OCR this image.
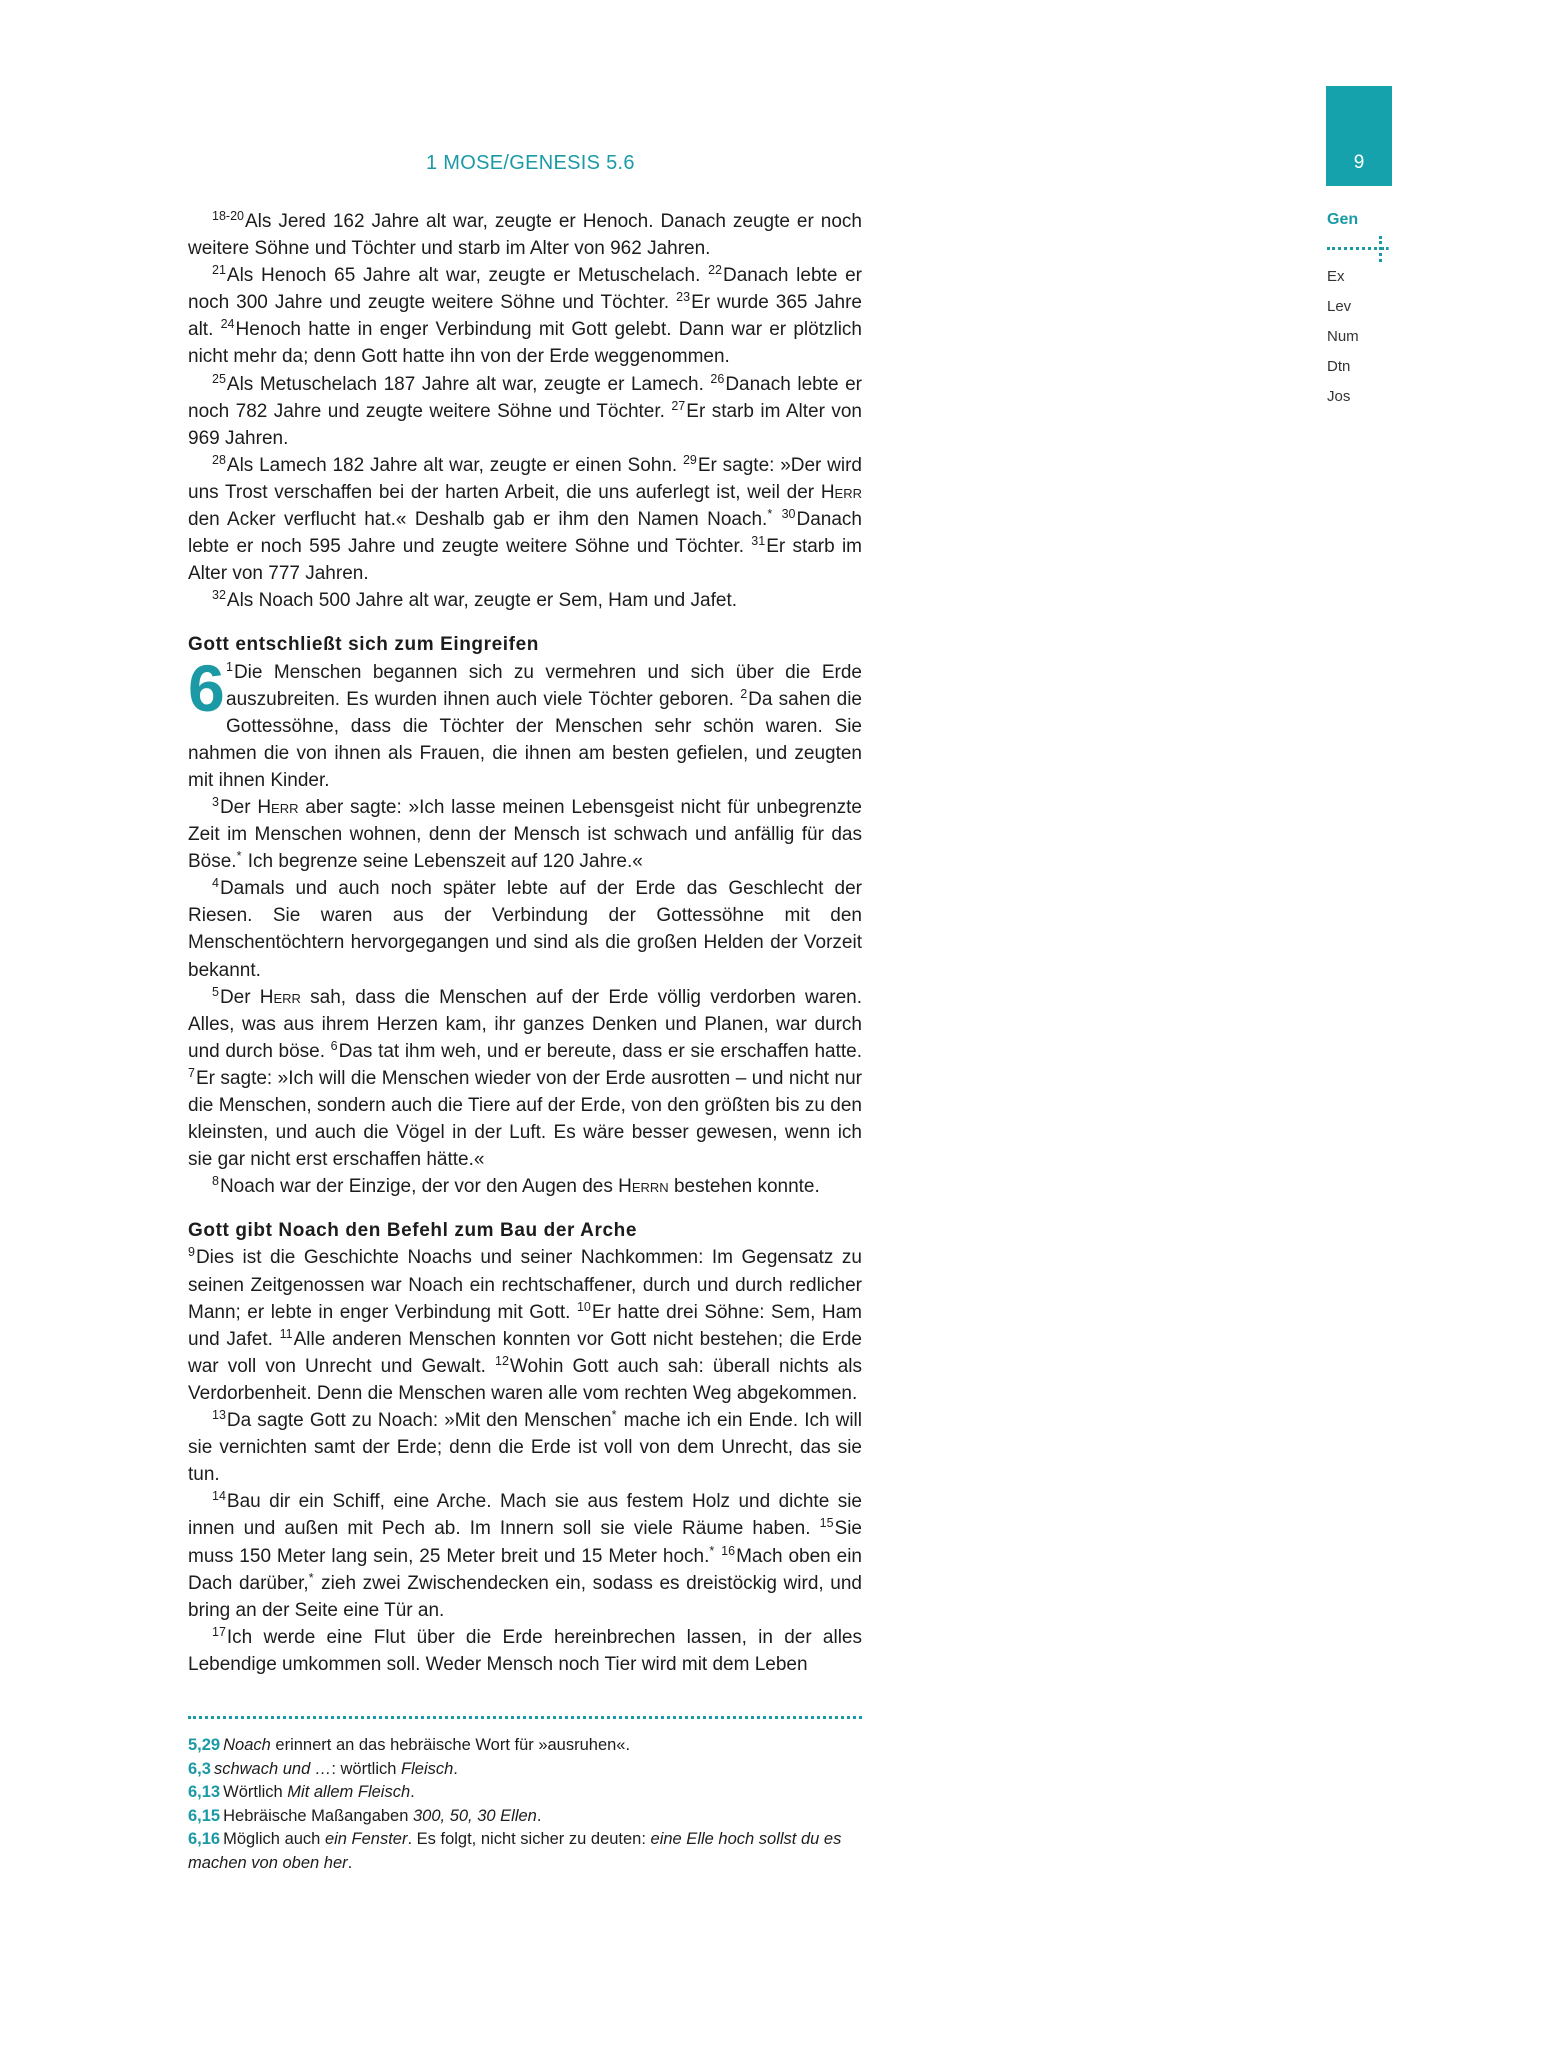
1 MOSE/GENESIS 5.6	9
Gen
Ex
Lev
Num
Dtn
Jos

$^{18-20}$Als Jered 162 Jahre alt war, zeugte er Henoch. Danach zeugte er noch weitere Söhne und Töchter und starb im Alter von 962 Jahren.

$^{21}$Als Henoch 65 Jahre alt war, zeugte er Metuschelach. $^{22}$Danach lebte er noch 300 Jahre und zeugte weitere Söhne und Töchter. $^{23}$Er wurde 365 Jahre alt. $^{24}$Henoch hatte in enger Verbindung mit Gott gelebt. Dann war er plötzlich nicht mehr da; denn Gott hatte ihn von der Erde weggenommen.

$^{25}$Als Metuschelach 187 Jahre alt war, zeugte er Lamech. $^{26}$Danach lebte er noch 782 Jahre und zeugte weitere Söhne und Töchter. $^{27}$Er starb im Alter von 969 Jahren.

$^{28}$Als Lamech 182 Jahre alt war, zeugte er einen Sohn. $^{29}$Er sagte: »Der wird uns Trost verschaffen bei der harten Arbeit, die uns auferlegt ist, weil der Herr den Acker verflucht hat.« Deshalb gab er ihm den Namen Noach.* $^{30}$Danach lebte er noch 595 Jahre und zeugte weitere Söhne und Töchter. $^{31}$Er starb im Alter von 777 Jahren.

$^{32}$Als Noach 500 Jahre alt war, zeugte er Sem, Ham und Jafet.

Gott entschließt sich zum Eingreifen

6 $^1$Die Menschen begannen sich zu vermehren und sich über die Erde auszubreiten. Es wurden ihnen auch viele Töchter geboren. $^2$Da sahen die Gottessöhne, dass die Töchter der Menschen sehr schön waren. Sie nahmen die von ihnen als Frauen, die ihnen am besten gefielen, und zeugten mit ihnen Kinder.

$^3$Der Herr aber sagte: »Ich lasse meinen Lebensgeist nicht für unbegrenzte Zeit im Menschen wohnen, denn der Mensch ist schwach und anfällig für das Böse.* Ich begrenze seine Lebenszeit auf 120 Jahre.«

$^4$Damals und auch noch später lebte auf der Erde das Geschlecht der Riesen. Sie waren aus der Verbindung der Gottessöhne mit den Menschentöchtern hervorgegangen und sind als die großen Helden der Vorzeit bekannt.

$^5$Der Herr sah, dass die Menschen auf der Erde völlig verdorben waren. Alles, was aus ihrem Herzen kam, ihr ganzes Denken und Planen, war durch und durch böse. $^6$Das tat ihm weh, und er bereute, dass er sie erschaffen hatte. $^7$Er sagte: »Ich will die Menschen wieder von der Erde ausrotten – und nicht nur die Menschen, sondern auch die Tiere auf der Erde, von den größten bis zu den kleinsten, und auch die Vögel in der Luft. Es wäre besser gewesen, wenn ich sie gar nicht erst erschaffen hätte.«

$^8$Noach war der Einzige, der vor den Augen des Herrn bestehen konnte.

Gott gibt Noach den Befehl zum Bau der Arche

$^9$Dies ist die Geschichte Noachs und seiner Nachkommen: Im Gegensatz zu seinen Zeitgenossen war Noach ein rechtschaffener, durch und durch redlicher Mann; er lebte in enger Verbindung mit Gott. $^{10}$Er hatte drei Söhne: Sem, Ham und Jafet. $^{11}$Alle anderen Menschen konnten vor Gott nicht bestehen; die Erde war voll von Unrecht und Gewalt. $^{12}$Wohin Gott auch sah: überall nichts als Verdorbenheit. Denn die Menschen waren alle vom rechten Weg abgekommen.

$^{13}$Da sagte Gott zu Noach: »Mit den Menschen* mache ich ein Ende. Ich will sie vernichten samt der Erde; denn die Erde ist voll von dem Unrecht, das sie tun.

$^{14}$Bau dir ein Schiff, eine Arche. Mach sie aus festem Holz und dichte sie innen und außen mit Pech ab. Im Innern soll sie viele Räume haben. $^{15}$Sie muss 150 Meter lang sein, 25 Meter breit und 15 Meter hoch.* $^{16}$Mach oben ein Dach darüber,* zieh zwei Zwischendecken ein, sodass es dreistöckig wird, und bring an der Seite eine Tür an.

$^{17}$Ich werde eine Flut über die Erde hereinbrechen lassen, in der alles Lebendige umkommen soll. Weder Mensch noch Tier wird mit dem Leben

5,29 Noach erinnert an das hebräische Wort für »ausruhen«.

6,3 schwach und …: wörtlich Fleisch.

6,13 Wörtlich Mit allem Fleisch.

6,15 Hebräische Maßangaben 300, 50, 30 Ellen.

6,16 Möglich auch ein Fenster. Es folgt, nicht sicher zu deuten: eine Elle hoch sollst du es machen von oben her.
